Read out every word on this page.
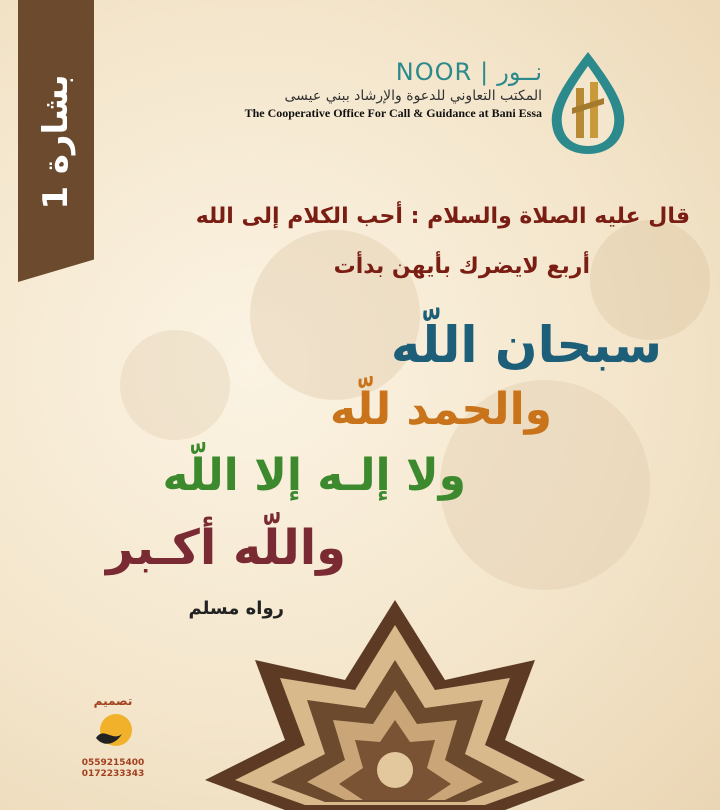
بشارة 1
NOOR | نــور
المكتب التعاوني للدعوة والإرشاد ببني عيسى
The Cooperative Office For Call & Guidance at Bani Essa
قال عليه الصلاة والسلام : أحب الكلام إلى الله
أربع لايضرك بأيهن بدأت
سبحان اللّه
والحمد للّه
ولا إلـه إلا اللّه
واللّه أكـبر
رواه مسلم
تصميم
0559215400
0172233343
